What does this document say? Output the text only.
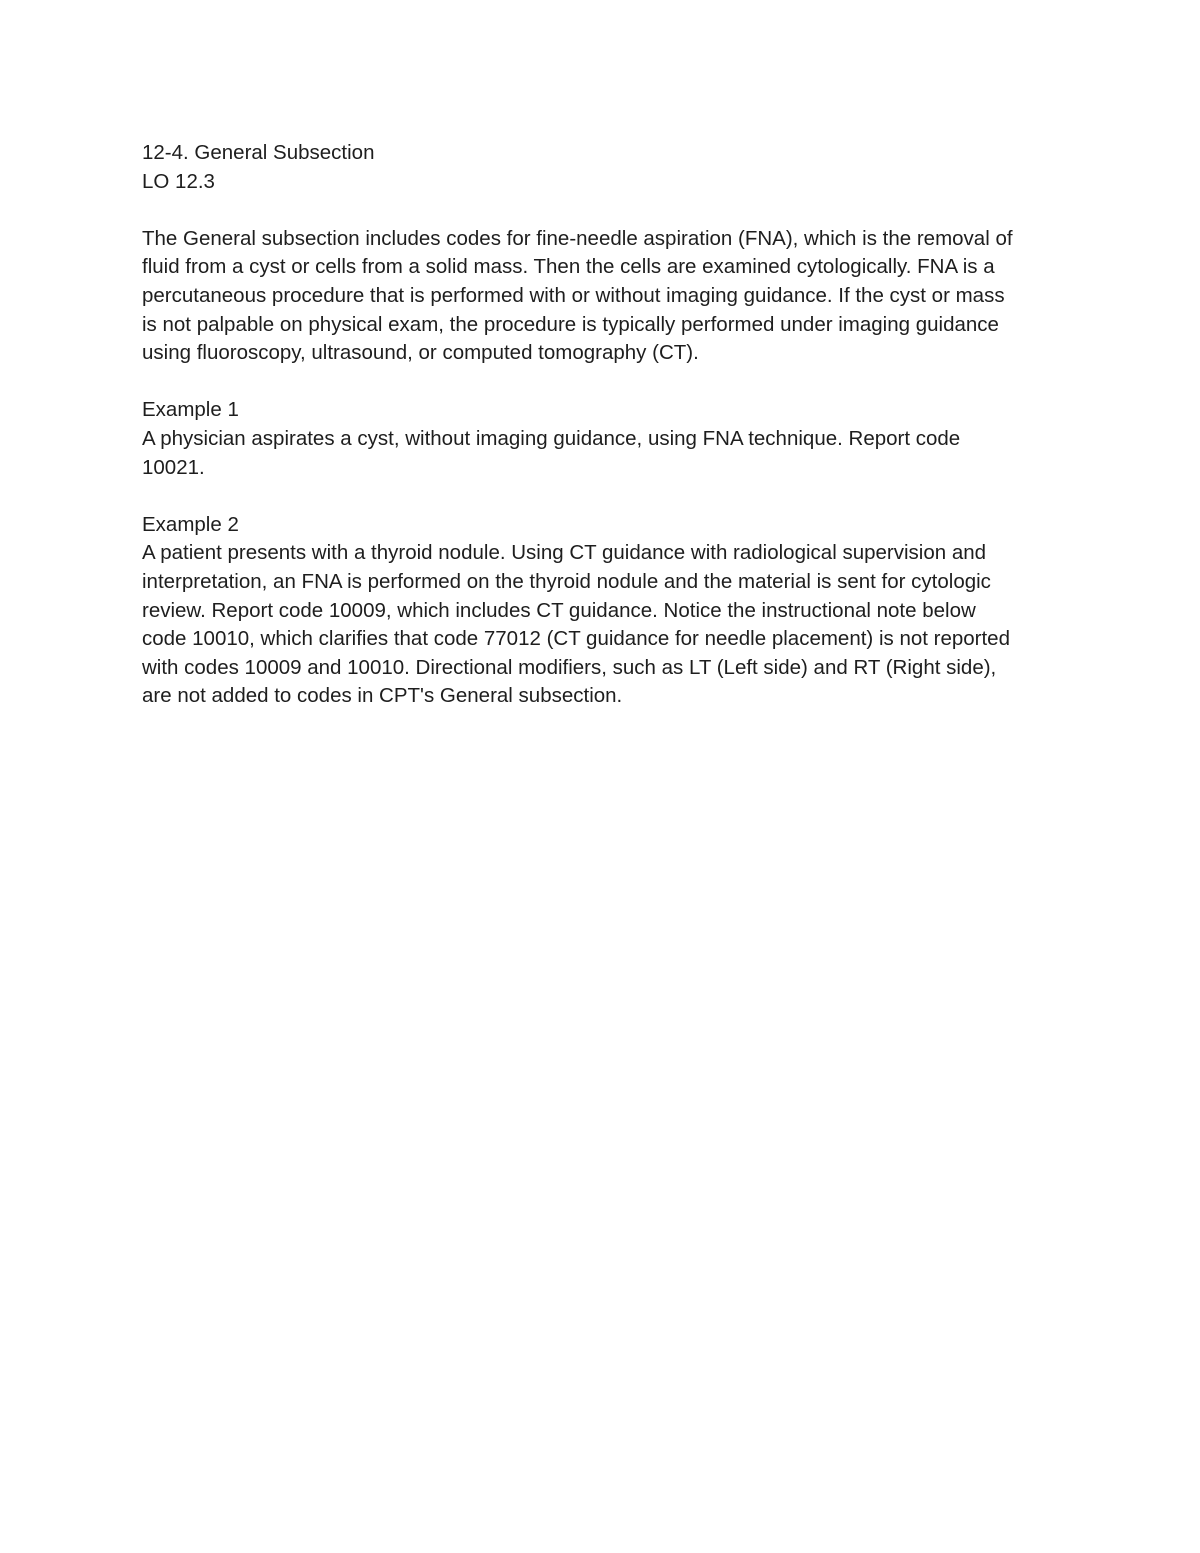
12-4. General Subsection
LO 12.3
The General subsection includes codes for fine-needle aspiration (FNA), which is the removal of
fluid from a cyst or cells from a solid mass. Then the cells are examined cytologically. FNA is a
percutaneous procedure that is performed with or without imaging guidance. If the cyst or mass
is not palpable on physical exam, the procedure is typically performed under imaging guidance
using fluoroscopy, ultrasound, or computed tomography (CT).
Example 1
A physician aspirates a cyst, without imaging guidance, using FNA technique. Report code
10021.
Example 2
A patient presents with a thyroid nodule. Using CT guidance with radiological supervision and
interpretation, an FNA is performed on the thyroid nodule and the material is sent for cytologic
review. Report code 10009, which includes CT guidance. Notice the instructional note below
code 10010, which clarifies that code 77012 (CT guidance for needle placement) is not reported
with codes 10009 and 10010. Directional modifiers, such as LT (Left side) and RT (Right side),
are not added to codes in CPT's General subsection.
